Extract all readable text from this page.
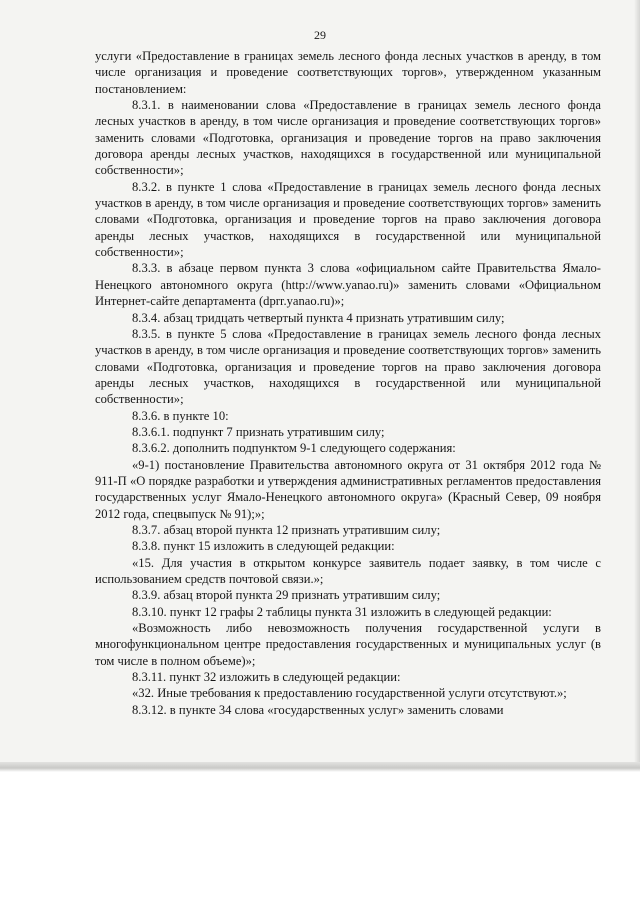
29

услуги «Предоставление в границах земель лесного фонда лесных участков в аренду, в том числе организация и проведение соответствующих торгов», утвержденном указанным постановлением:

8.3.1. в наименовании слова «Предоставление в границах земель лесного фонда лесных участков в аренду, в том числе организация и проведение соответствующих торгов» заменить словами «Подготовка, организация и проведение торгов на право заключения договора аренды лесных участков, находящихся в государственной или муниципальной собственности»;

8.3.2. в пункте 1 слова «Предоставление в границах земель лесного фонда лесных участков в аренду, в том числе организация и проведение соответствующих торгов» заменить словами «Подготовка, организация и проведение торгов на право заключения договора аренды лесных участков, находящихся в государственной или муниципальной собственности»;

8.3.3. в абзаце первом пункта 3 слова «официальном сайте Правительства Ямало-Ненецкого автономного округа (http://www.yanao.ru)» заменить словами «Официальном Интернет-сайте департамента (dprr.yanao.ru)»;

8.3.4. абзац тридцать четвертый пункта 4 признать утратившим силу;

8.3.5. в пункте 5 слова «Предоставление в границах земель лесного фонда лесных участков в аренду, в том числе организация и проведение соответствующих торгов» заменить словами «Подготовка, организация и проведение торгов на право заключения договора аренды лесных участков, находящихся в государственной или муниципальной собственности»;

8.3.6. в пункте 10:

8.3.6.1. подпункт 7 признать утратившим силу;

8.3.6.2. дополнить подпунктом 9-1 следующего содержания:

«9-1) постановление Правительства автономного округа от 31 октября 2012 года № 911-П «О порядке разработки и утверждения административных регламентов предоставления государственных услуг Ямало-Ненецкого автономного округа» (Красный Север, 09 ноября 2012 года, спецвыпуск № 91);»;

8.3.7. абзац второй пункта 12 признать утратившим силу;

8.3.8. пункт 15 изложить в следующей редакции:

«15. Для участия в открытом конкурсе заявитель подает заявку, в том числе с использованием средств почтовой связи.»;

8.3.9. абзац второй пункта 29 признать утратившим силу;

8.3.10. пункт 12 графы 2 таблицы пункта 31 изложить в следующей редакции:

«Возможность либо невозможность получения государственной услуги в многофункциональном центре предоставления государственных и муниципальных услуг (в том числе в полном объеме)»;

8.3.11. пункт 32 изложить в следующей редакции:

«32. Иные требования к предоставлению государственной услуги отсутствуют.»;

8.3.12. в пункте 34 слова «государственных услуг» заменить словами
